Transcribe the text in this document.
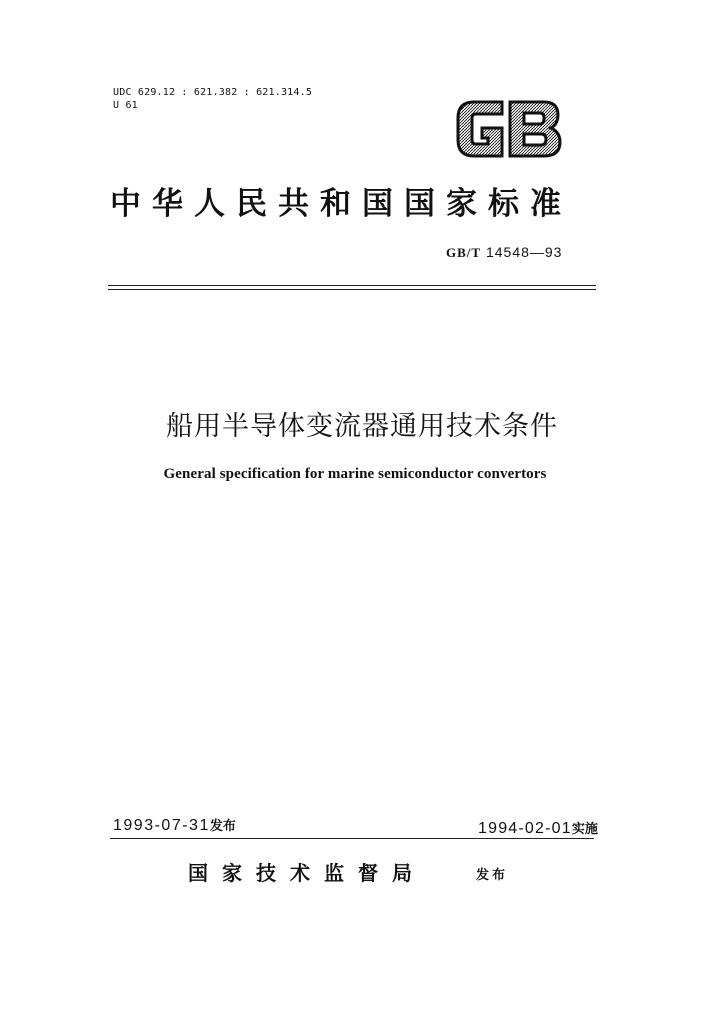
UDC 629.12 : 621.382 : 621.314.5
U 61
中华人民共和国国家标准
GB/T 14548—93
船用半导体变流器通用技术条件
General specification for marine semiconductor convertors
1993-07-31发布	1994-02-01实施
国家技术监督局	发布
